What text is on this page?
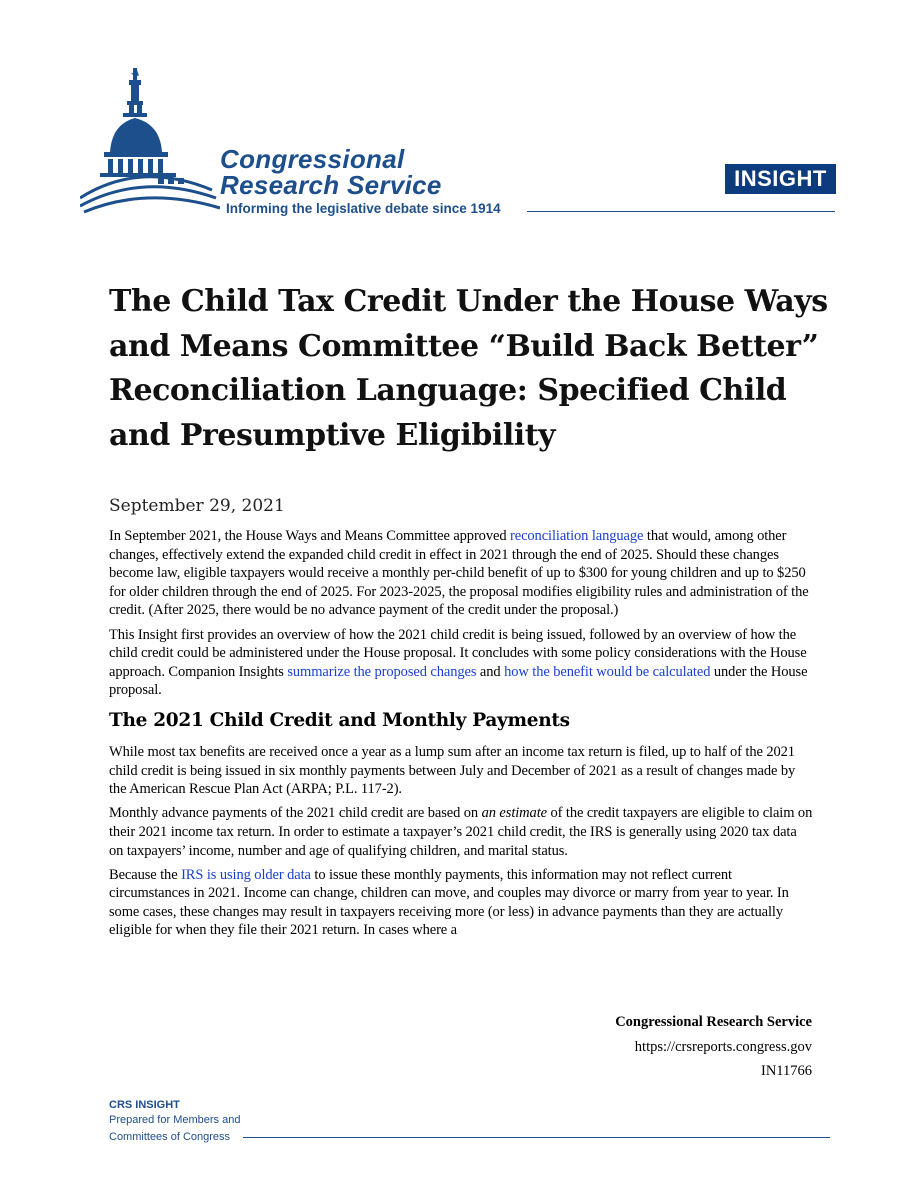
Congressional
Research Service
Informing the legislative debate since 1914
INSIGHT
The Child Tax Credit Under the House Ways and Means Committee “Build Back Better” Reconciliation Language: Specified Child and Presumptive Eligibility
September 29, 2021

In September 2021, the House Ways and Means Committee approved reconciliation language that would, among other changes, effectively extend the expanded child credit in effect in 2021 through the end of 2025. Should these changes become law, eligible taxpayers would receive a monthly per-child benefit of up to $300 for young children and up to $250 for older children through the end of 2025. For 2023-2025, the proposal modifies eligibility rules and administration of the credit. (After 2025, there would be no advance payment of the credit under the proposal.)

This Insight first provides an overview of how the 2021 child credit is being issued, followed by an overview of how the child credit could be administered under the House proposal. It concludes with some policy considerations with the House approach. Companion Insights summarize the proposed changes and how the benefit would be calculated under the House proposal.

The 2021 Child Credit and Monthly Payments

While most tax benefits are received once a year as a lump sum after an income tax return is filed, up to half of the 2021 child credit is being issued in six monthly payments between July and December of 2021 as a result of changes made by the American Rescue Plan Act (ARPA; P.L. 117-2).

Monthly advance payments of the 2021 child credit are based on an estimate of the credit taxpayers are eligible to claim on their 2021 income tax return. In order to estimate a taxpayer’s 2021 child credit, the IRS is generally using 2020 tax data on taxpayers’ income, number and age of qualifying children, and marital status.

Because the IRS is using older data to issue these monthly payments, this information may not reflect current circumstances in 2021. Income can change, children can move, and couples may divorce or marry from year to year. In some cases, these changes may result in taxpayers receiving more (or less) in advance payments than they are actually eligible for when they file their 2021 return. In cases where a

Congressional Research Service
https://crsreports.congress.gov
IN11766
CRS INSIGHT
Prepared for Members and
Committees of Congress
